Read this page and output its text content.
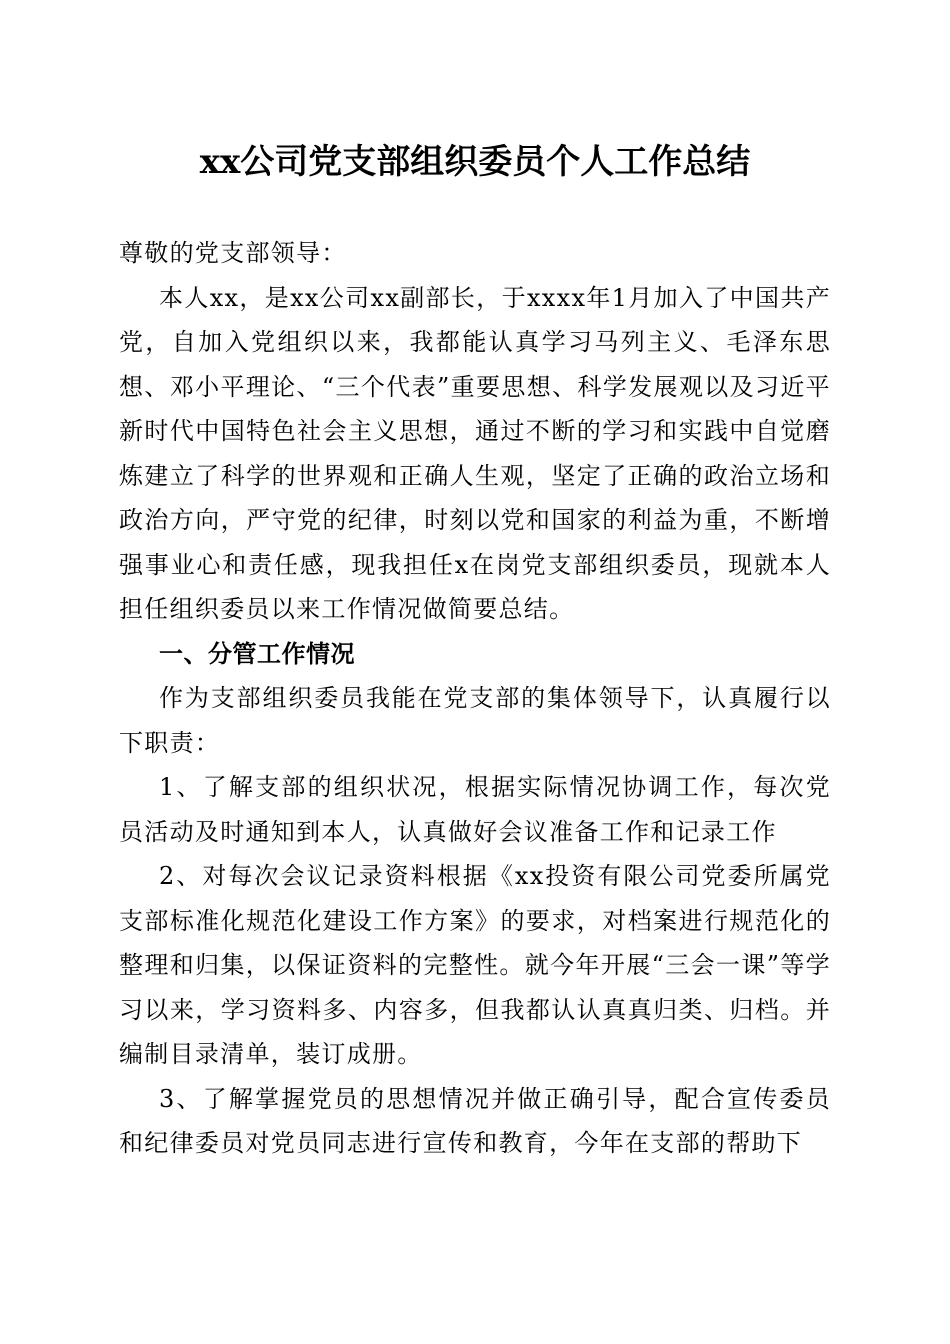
xx公司党支部组织委员个人工作总结

尊敬的党支部领导：

本人xx，是xx公司xx副部长，于xxxx年1月加入了中国共产党，自加入党组织以来，我都能认真学习马列主义、毛泽东思想、邓小平理论、“三个代表”重要思想、科学发展观以及习近平新时代中国特色社会主义思想，通过不断的学习和实践中自觉磨炼建立了科学的世界观和正确人生观，坚定了正确的政治立场和政治方向，严守党的纪律，时刻以党和国家的利益为重，不断增强事业心和责任感，现我担任x在岗党支部组织委员，现就本人担任组织委员以来工作情况做简要总结。

一、分管工作情况

作为支部组织委员我能在党支部的集体领导下，认真履行以下职责：

1、了解支部的组织状况，根据实际情况协调工作，每次党员活动及时通知到本人，认真做好会议准备工作和记录工作

2、对每次会议记录资料根据《xx投资有限公司党委所属党支部标准化规范化建设工作方案》的要求，对档案进行规范化的整理和归集，以保证资料的完整性。就今年开展“三会一课”等学习以来，学习资料多、内容多，但我都认认真真归类、归档。并编制目录清单，装订成册。

3、了解掌握党员的思想情况并做正确引导，配合宣传委员和纪律委员对党员同志进行宣传和教育，今年在支部的帮助下
